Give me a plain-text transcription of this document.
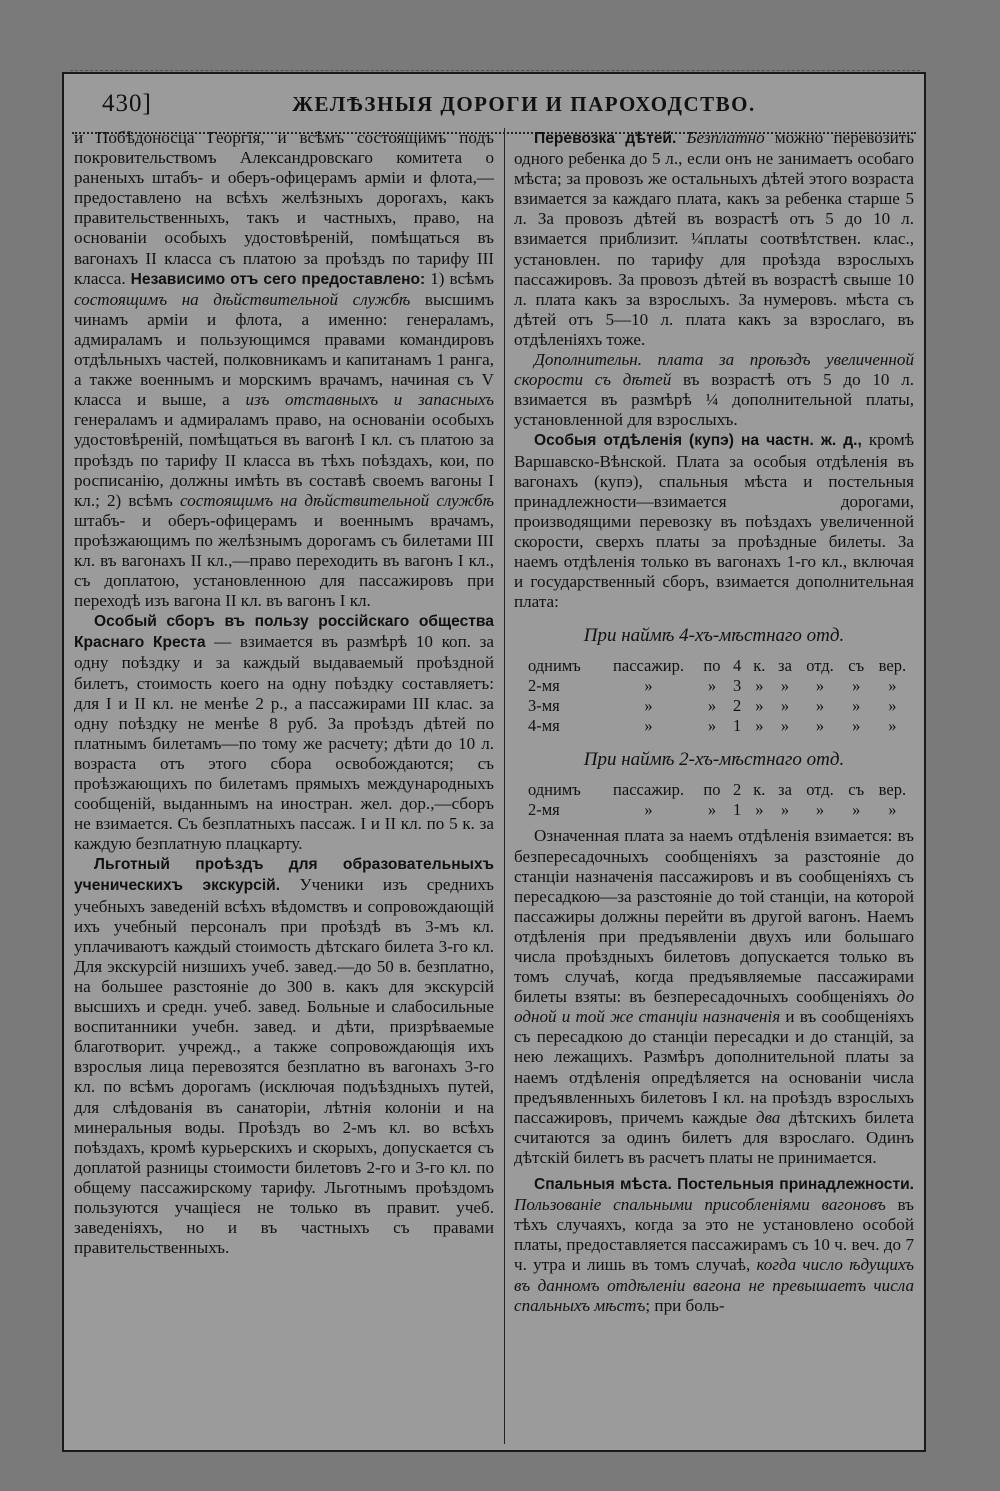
430]	ЖЕЛѢЗНЫЯ ДОРОГИ И ПАРОХОДСТВО.

и Побѣдоносца Георгія, и всѣмъ состоящимъ подъ покровительствомъ Александровскаго комитета о раненыхъ штабъ- и оберъ-офицерамъ арміи и флота,—предоставлено на всѣхъ желѣзныхъ дорогахъ, какъ правительственныхъ, такъ и частныхъ, право, на основаніи особыхъ удостовѣреній, помѣщаться въ вагонахъ II класса съ платою за проѣздъ по тарифу III класса. Независимо отъ сего предоставлено: 1) всѣмъ состоящимъ на дѣйствительной службѣ высшимъ чинамъ арміи и флота, а именно: генераламъ, адмираламъ и пользующимся правами командировъ отдѣльныхъ частей, полковникамъ и капитанамъ 1 ранга, а также военнымъ и морскимъ врачамъ, начиная съ V класса и выше, а изъ отставныхъ и запасныхъ генераламъ и адмираламъ право, на основаніи особыхъ удостовѣреній, помѣщаться въ вагонѣ I кл. съ платою за проѣздъ по тарифу II класса въ тѣхъ поѣздахъ, кои, по росписанію, должны имѣть въ составѣ своемъ вагоны I кл.; 2) всѣмъ состоящимъ на дѣйствительной службѣ штабъ- и оберъ-офицерамъ и военнымъ врачамъ, проѣзжающимъ по желѣзнымъ дорогамъ съ билетами III кл. въ вагонахъ II кл.,—право переходить въ вагонъ I кл., съ доплатою, установленною для пассажировъ при переходѣ изъ вагона II кл. въ вагонъ I кл.

Особый сборъ въ пользу россійскаго общества Краснаго Креста — взимается въ размѣрѣ 10 коп. за одну поѣздку и за каждый выдаваемый проѣздной билетъ, стоимость коего на одну поѣздку составляетъ: для I и II кл. не менѣе 2 р., а пассажирами III клас. за одну поѣздку не менѣе 8 руб. За проѣздъ дѣтей по платнымъ билетамъ—по тому же расчету; дѣти до 10 л. возраста отъ этого сбора освобождаются; съ проѣзжающихъ по билетамъ прямыхъ международныхъ сообщеній, выданнымъ на иностран. жел. дор.,—сборъ не взимается. Съ безплатныхъ пассаж. I и II кл. по 5 к. за каждую безплатную плацкарту.

Льготный проѣздъ для образовательныхъ ученическихъ экскурсій. Ученики изъ среднихъ учебныхъ заведеній всѣхъ вѣдомствъ и сопровождающій ихъ учебный персоналъ при проѣздѣ въ 3-мъ кл. уплачиваютъ каждый стоимость дѣтскаго билета 3-го кл. Для экскурсій низшихъ учеб. завед.—до 50 в. безплатно, на большее разстояніе до 300 в. какъ для экскурсій высшихъ и средн. учеб. завед. Больные и слабосильные воспитанники учебн. завед. и дѣти, призрѣваемые благотворит. учрежд., а также сопровождающія ихъ взрослыя лица перевозятся безплатно въ вагонахъ 3-го кл. по всѣмъ дорогамъ (исключая подъѣздныхъ путей, для слѣдованія въ санаторіи, лѣтнія колоніи и на минеральныя воды. Проѣздъ во 2-мъ кл. во всѣхъ поѣздахъ, кромѣ курьерскихъ и скорыхъ, допускается съ доплатой разницы стоимости билетовъ 2-го и 3-го кл. по общему пассажирскому тарифу. Льготнымъ проѣздомъ пользуются учащіеся не только въ правит. учеб. заведеніяхъ, но и въ частныхъ съ правами правительственныхъ.

Перевозка дѣтей. Безплатно можно перевозить одного ребенка до 5 л., если онъ не занимаетъ особаго мѣста; за провозъ же остальныхъ дѣтей этого возраста взимается за каждаго плата, какъ за ребенка старше 5 л. За провозъ дѣтей въ возрастѣ отъ 5 до 10 л. взимается приблизит. ¼платы соотвѣтствен. клас., установлен. по тарифу для проѣзда взрослыхъ пассажировъ. За провозъ дѣтей въ возрастѣ свыше 10 л. плата какъ за взрослыхъ. За нумеровъ. мѣста съ дѣтей отъ 5—10 л. плата какъ за взрослаго, въ отдѣленіяхъ тоже.

Дополнительн. плата за проѣздъ увеличенной скорости съ дѣтей въ возрастѣ отъ 5 до 10 л. взимается въ размѣрѣ ¼ дополнительной платы, установленной для взрослыхъ.

Особыя отдѣленія (купэ) на частн. ж. д., кромѣ Варшавско-Вѣнской. Плата за особыя отдѣленія въ вагонахъ (купэ), спальныя мѣста и постельныя принадлежности—взимается дорогами, производящими перевозку въ поѣздахъ увеличенной скорости, сверхъ платы за проѣздные билеты. За наемъ отдѣленія только въ вагонахъ 1-го кл., включая и государственный сборъ, взимается дополнительная плата:

При наймѣ 4-хъ-мѣстнаго отд.
однимъ	пассажир.	по	4	к.	за	отд.	съ	вер.
2-мя	»	»	3	»	»	»	»	»
3-мя	»	»	2	»	»	»	»	»
4-мя	»	»	1	»	»	»	»	»
При наймѣ 2-хъ-мѣстнаго отд.
однимъ	пассажир.	по	2	к.	за	отд.	съ	вер.
2-мя	»	»	1	»	»	»	»	»

Означенная плата за наемъ отдѣленія взимается: въ безпересадочныхъ сообщеніяхъ за разстояніе до станціи назначенія пассажировъ и въ сообщеніяхъ съ пересадкою—за разстояніе до той станціи, на которой пассажиры должны перейти въ другой вагонъ. Наемъ отдѣленія при предъявленіи двухъ или большаго числа проѣздныхъ билетовъ допускается только въ томъ случаѣ, когда предъявляемые пассажирами билеты взяты: въ безпересадочныхъ сообщеніяхъ до одной и той же станціи назначенія и въ сообщеніяхъ съ пересадкою до станціи пересадки и до станцій, за нею лежащихъ. Размѣръ дополнительной платы за наемъ отдѣленія опредѣляется на основаніи числа предъявленныхъ билетовъ I кл. на проѣздъ взрослыхъ пассажировъ, причемъ каждые два дѣтскихъ билета считаются за одинъ билетъ для взрослаго. Одинъ дѣтскій билетъ въ расчетъ платы не принимается.

Спальныя мѣста. Постельныя принадлежности. Пользованіе спальными присобленіями вагоновъ въ тѣхъ случаяхъ, когда за это не установлено особой платы, предоставляется пассажирамъ съ 10 ч. веч. до 7 ч. утра и лишь въ томъ случаѣ, когда число ѣдущихъ въ данномъ отдѣленіи вагона не превышаетъ числа спальныхъ мѣстъ; при боль-
